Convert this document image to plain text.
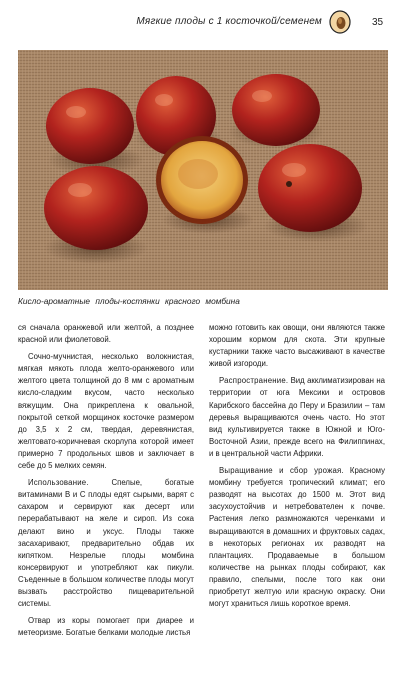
Мягкие плоды с 1 косточкой/семенем	35
Кисло-ароматные плоды-костянки красного момбина

ся сначала оранжевой или желтой, а позднее красной или фиолетовой.

Сочно-мучнистая, несколько волокнистая, мягкая мякоть плода желто-оранжевого или желтого цвета толщиной до 8 мм с ароматным кисло-сладким вкусом, часто несколько вяжущим. Она прикреплена к овальной, покрытой сеткой морщинок косточке размером до 3,5 х 2 см, твердая, деревянистая, желтовато-коричневая скорлупа которой имеет примерно 7 продольных швов и заключает в себе до 5 мелких семян.

Использование.	Спелые, богатые витаминами В и С плоды едят сырыми, варят с сахаром и сервируют как десерт или перерабатывают на желе и сироп. Из сока делают вино и уксус. Плоды также засахаривают, предварительно обдав их кипятком. Незрелые плоды момбина консервируют и употребляют как пикули. Съеденные в большом количестве плоды могут вызвать расстройство пищеварительной системы.

Отвар из коры помогает при диарее и метеоризме. Богатые белками молодые листья

можно готовить как овощи, они являются также хорошим кормом для скота. Эти крупные кустарники также часто высаживают в качестве живой изгороди.

Распространение. Вид акклиматизирован на территории от юга Мексики и островов Карибского бассейна до Перу и Бразилии – там деревья выращиваются очень часто. Но этот вид культивируется также в Южной и Юго-Восточной Азии, прежде всего на Филиппинах, и в центральной части Африки.

Выращивание и сбор урожая. Красному момбину требуется тропический климат; его разводят на высотах до 1500 м. Этот вид засухоустойчив и нетребователен к почве. Растения легко размножаются черенками и выращиваются в домашних и фруктовых садах, в некоторых регионах их разводят на плантациях. Продаваемые в большом количестве на рынках плоды собирают, как правило, спелыми, после того как они приобретут желтую или красную окраску. Они могут храниться лишь короткое время.
